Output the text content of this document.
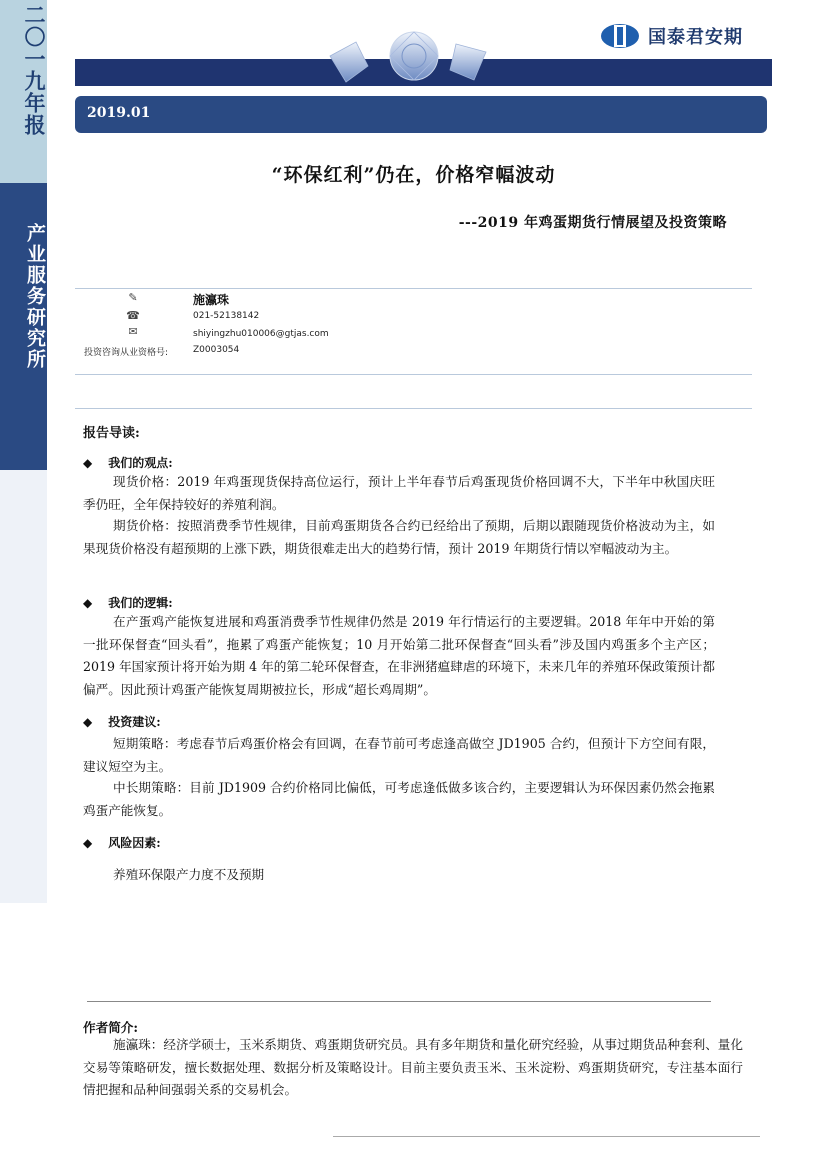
二〇一九年报
产业服务研究所
国泰君安期
2019.01
“环保红利”仍在，价格窄幅波动
---2019 年鸡蛋期货行情展望及投资策略
✎	施瀛珠
☎	021-52138142
✉	shiyingzhu010006@gtjas.com
投资咨询从业资格号:	Z0003054
报告导读:
◆ 我们的观点:
现货价格：2019 年鸡蛋现货保持高位运行，预计上半年春节后鸡蛋现货价格回调不大，下半年中秋国庆旺季仍旺，全年保持较好的养殖利润。
期货价格：按照消费季节性规律，目前鸡蛋期货各合约已经给出了预期，后期以跟随现货价格波动为主，如果现货价格没有超预期的上涨下跌，期货很难走出大的趋势行情，预计 2019 年期货行情以窄幅波动为主。
◆ 我们的逻辑:
在产蛋鸡产能恢复进展和鸡蛋消费季节性规律仍然是 2019 年行情运行的主要逻辑。2018 年年中开始的第一批环保督查“回头看”，拖累了鸡蛋产能恢复；10 月开始第二批环保督查“回头看”涉及国内鸡蛋多个主产区；2019 年国家预计将开始为期 4 年的第二轮环保督查，在非洲猪瘟肆虐的环境下，未来几年的养殖环保政策预计都偏严。因此预计鸡蛋产能恢复周期被拉长，形成“超长鸡周期”。
◆ 投资建议:
短期策略：考虑春节后鸡蛋价格会有回调，在春节前可考虑逢高做空 JD1905 合约，但预计下方空间有限，建议短空为主。
中长期策略：目前 JD1909 合约价格同比偏低，可考虑逢低做多该合约，主要逻辑认为环保因素仍然会拖累鸡蛋产能恢复。
◆ 风险因素:
养殖环保限产力度不及预期
作者简介:
施瀛珠：经济学硕士，玉米系期货、鸡蛋期货研究员。具有多年期货和量化研究经验，从事过期货品种套利、量化交易等策略研发，擅长数据处理、数据分析及策略设计。目前主要负责玉米、玉米淀粉、鸡蛋期货研究，专注基本面行情把握和品种间强弱关系的交易机会。
